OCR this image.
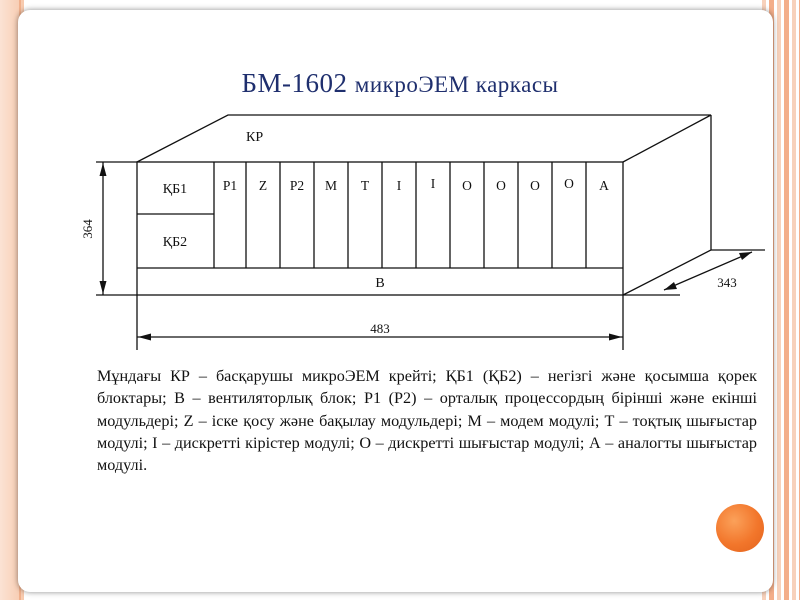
БМ-1602 микроЭЕМ каркасы
КР
ҚБ1
ҚБ2
Р1 Z Р2 М Т І І О О О О А
В
364
483
343
Мұндағы КР – басқарушы микроЭЕМ крейті; ҚБ1 (ҚБ2) – негізгі және қосымша қорек блоктары; В – вентиляторлық блок; Р1 (Р2) – орталық процессордың бірінші және екінші модульдері; Z – іске қосу және бақылау модульдері; М – модем модулі; Т – тоқтық шығыстар модулі; І – дискретті кірістер модулі; О – дискретті шығыстар модулі; А – аналогты шығыстар модулі.
